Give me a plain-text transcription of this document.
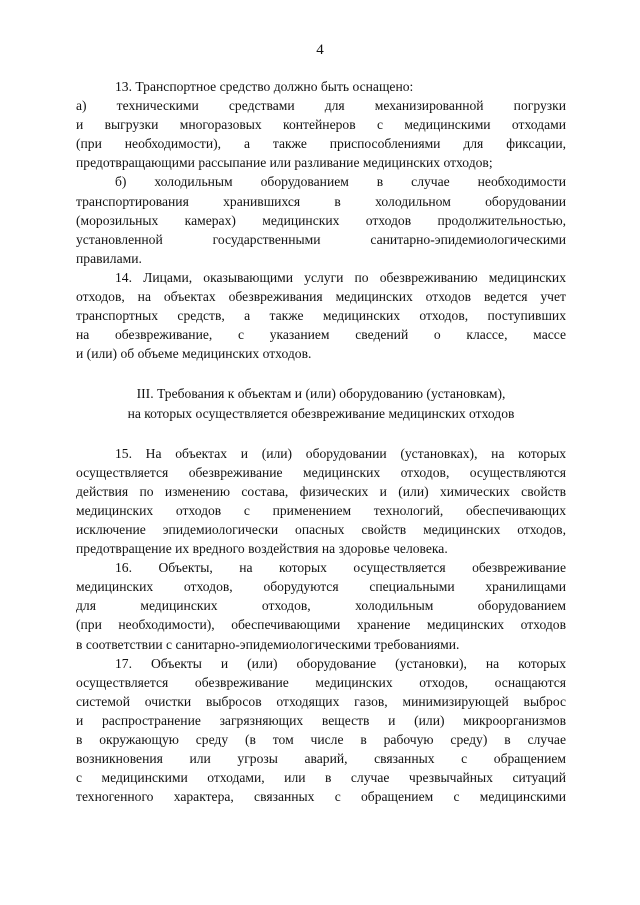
4
13. Транспортное средство должно быть оснащено:
а) техническими средствами для механизированной погрузки
и выгрузки многоразовых контейнеров с медицинскими отходами
(при необходимости), а также приспособлениями для фиксации,
предотвращающими рассыпание или разливание медицинских отходов;
б) холодильным оборудованием в случае необходимости
транспортирования хранившихся в холодильном оборудовании
(морозильных камерах) медицинских отходов продолжительностью,
установленной государственными санитарно-эпидемиологическими
правилами.
14. Лицами, оказывающими услуги по обезвреживанию медицинских
отходов, на объектах обезвреживания медицинских отходов ведется учет
транспортных средств, а также медицинских отходов, поступивших
на обезвреживание, с указанием сведений о классе, массе
и (или) об объеме медицинских отходов.
III. Требования к объектам и (или) оборудованию (установкам),
на которых осуществляется обезвреживание медицинских отходов
15. На объектах и (или) оборудовании (установках), на которых
осуществляется обезвреживание медицинских отходов, осуществляются
действия по изменению состава, физических и (или) химических свойств
медицинских отходов с применением технологий, обеспечивающих
исключение эпидемиологически опасных свойств медицинских отходов,
предотвращение их вредного воздействия на здоровье человека.
16. Объекты, на которых осуществляется обезвреживание
медицинских отходов, оборудуются специальными хранилищами
для медицинских отходов, холодильным оборудованием
(при необходимости), обеспечивающими хранение медицинских отходов
в соответствии с санитарно-эпидемиологическими требованиями.
17. Объекты и (или) оборудование (установки), на которых
осуществляется обезвреживание медицинских отходов, оснащаются
системой очистки выбросов отходящих газов, минимизирующей выброс
и распространение загрязняющих веществ и (или) микроорганизмов
в окружающую среду (в том числе в рабочую среду) в случае
возникновения или угрозы аварий, связанных с обращением
с медицинскими отходами, или в случае чрезвычайных ситуаций
техногенного характера, связанных с обращением с медицинскими
